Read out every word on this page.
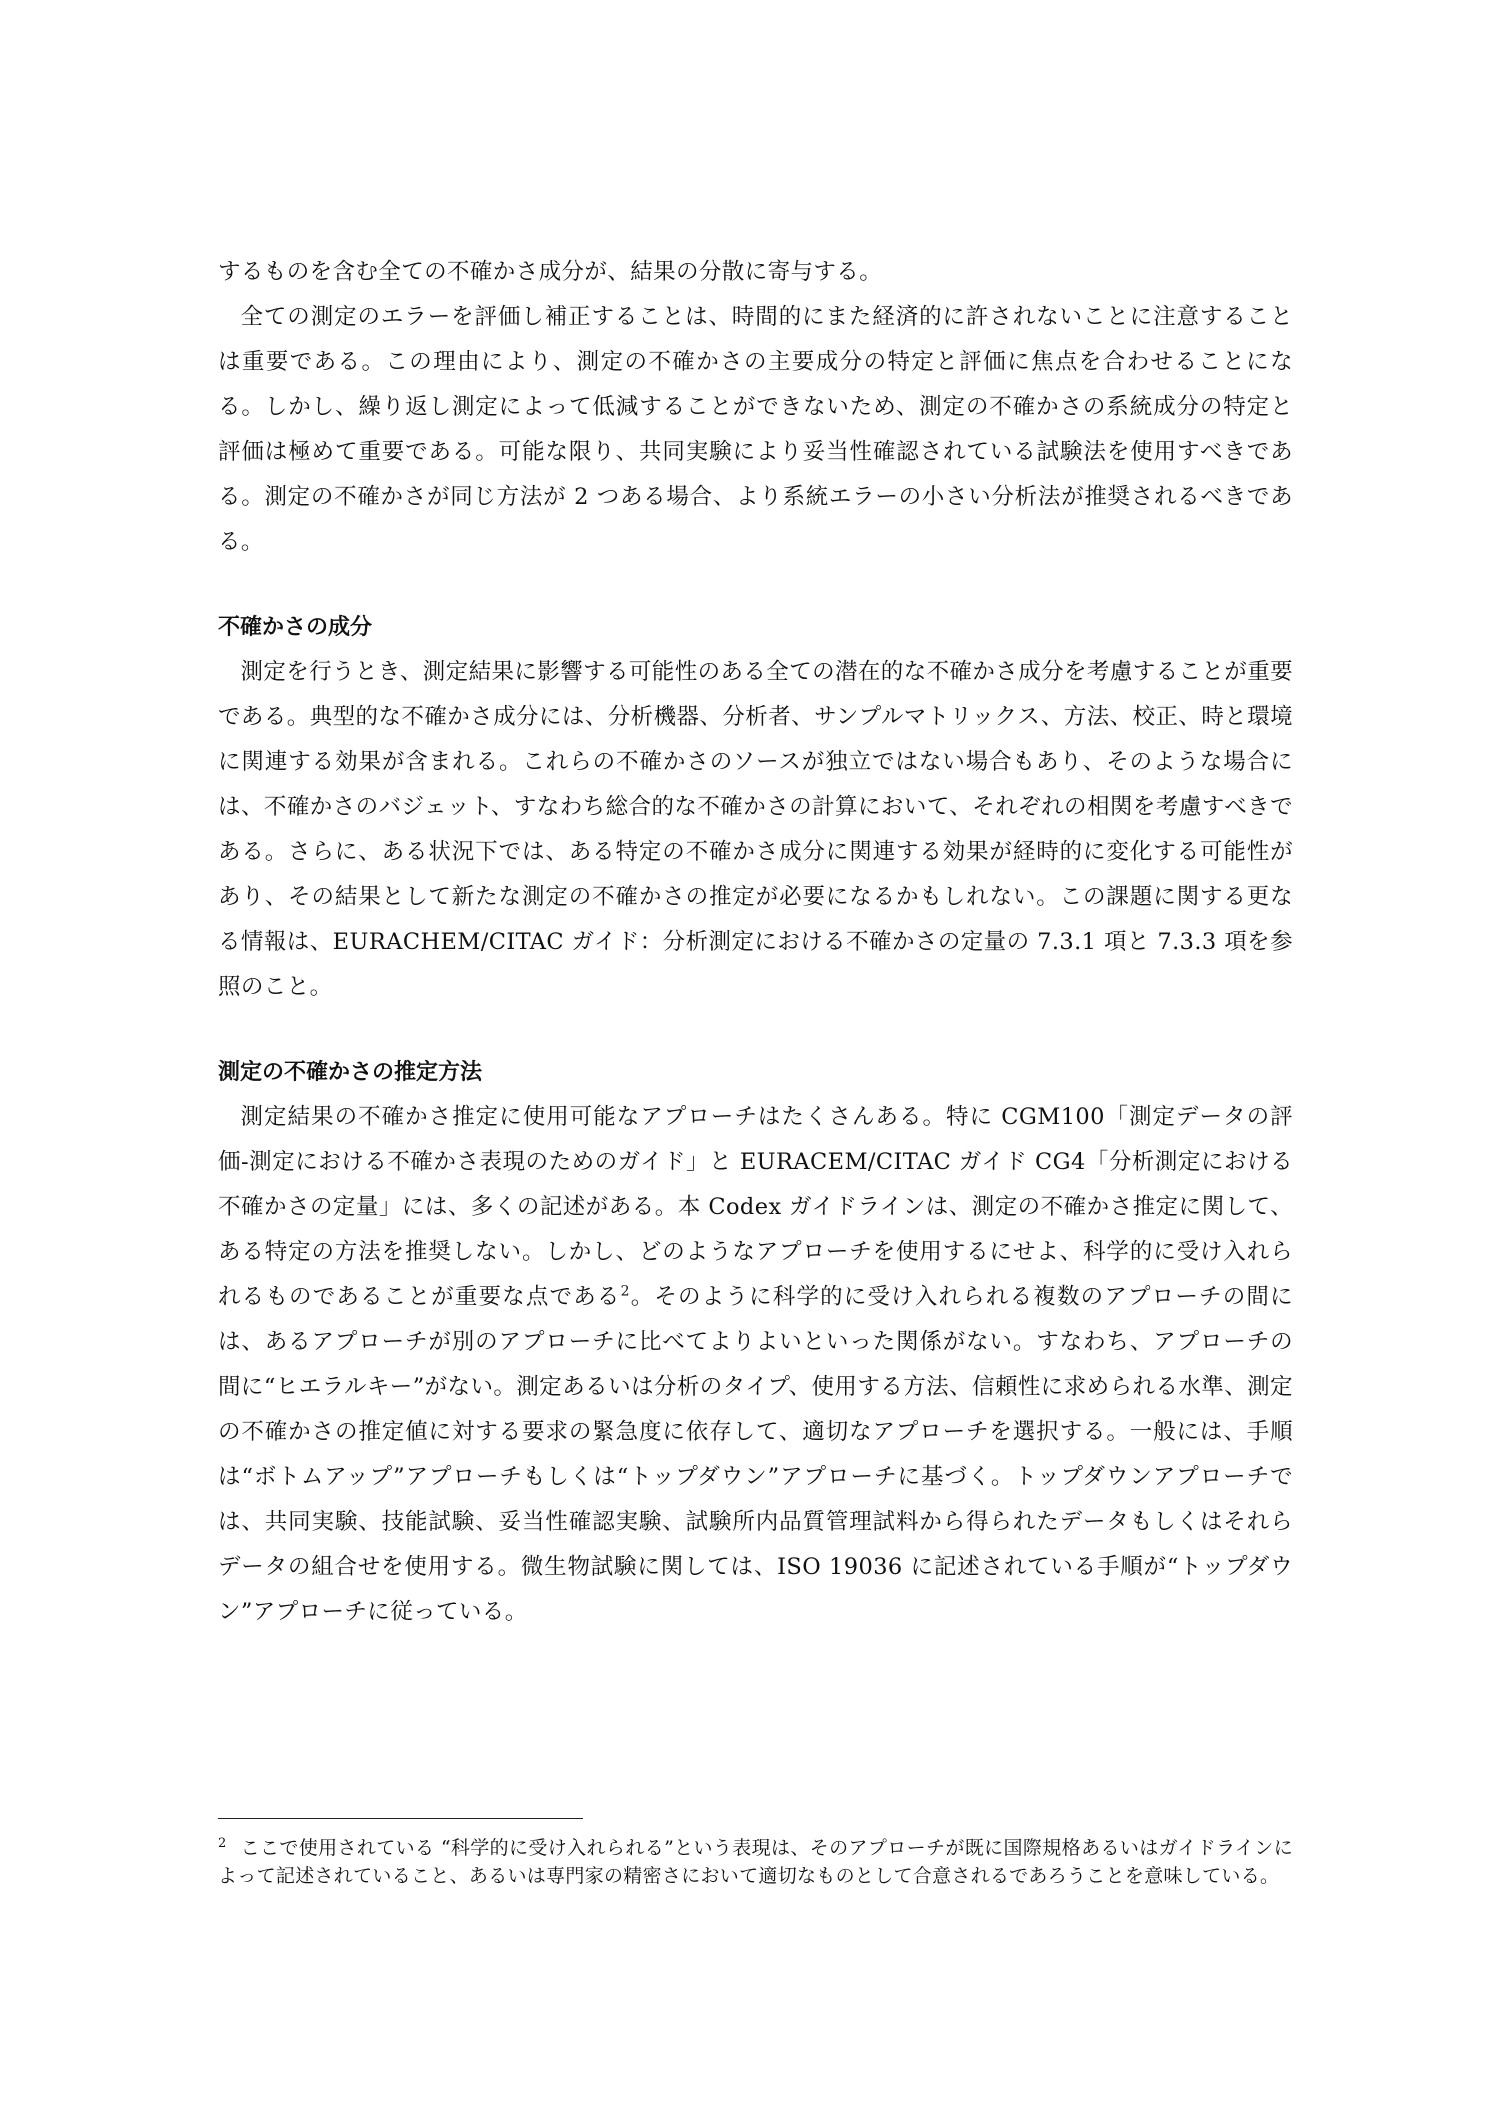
するものを含む全ての不確かさ成分が、結果の分散に寄与する。

全ての測定のエラーを評価し補正することは、時間的にまた経済的に許されないことに注意することは重要である。この理由により、測定の不確かさの主要成分の特定と評価に焦点を合わせることになる。しかし、繰り返し測定によって低減することができないため、測定の不確かさの系統成分の特定と評価は極めて重要である。可能な限り、共同実験により妥当性確認されている試験法を使用すべきである。測定の不確かさが同じ方法が 2 つある場合、より系統エラーの小さい分析法が推奨されるべきである。

不確かさの成分

測定を行うとき、測定結果に影響する可能性のある全ての潜在的な不確かさ成分を考慮することが重要である。典型的な不確かさ成分には、分析機器、分析者、サンプルマトリックス、方法、校正、時と環境に関連する効果が含まれる。これらの不確かさのソースが独立ではない場合もあり、そのような場合には、不確かさのバジェット、すなわち総合的な不確かさの計算において、それぞれの相関を考慮すべきである。さらに、ある状況下では、ある特定の不確かさ成分に関連する効果が経時的に変化する可能性があり、その結果として新たな測定の不確かさの推定が必要になるかもしれない。この課題に関する更なる情報は、EURACHEM/CITAC ガイド：分析測定における不確かさの定量の 7.3.1 項と 7.3.3 項を参照のこと。

測定の不確かさの推定方法

測定結果の不確かさ推定に使用可能なアプローチはたくさんある。特に CGM100「測定データの評価-測定における不確かさ表現のためのガイド」と EURACEM/CITAC ガイド CG4「分析測定における不確かさの定量」には、多くの記述がある。本 Codex ガイドラインは、測定の不確かさ推定に関して、ある特定の方法を推奨しない。しかし、どのようなアプローチを使用するにせよ、科学的に受け入れられるものであることが重要な点である$^2$。そのように科学的に受け入れられる複数のアプローチの間には、あるアプローチが別のアプローチに比べてよりよいといった関係がない。すなわち、アプローチの間に“ヒエラルキー”がない。測定あるいは分析のタイプ、使用する方法、信頼性に求められる水準、測定の不確かさの推定値に対する要求の緊急度に依存して、適切なアプローチを選択する。一般には、手順は“ボトムアップ”アプローチもしくは“トップダウン”アプローチに基づく。トップダウンアプローチでは、共同実験、技能試験、妥当性確認実験、試験所内品質管理試料から得られたデータもしくはそれらデータの組合せを使用する。微生物試験に関しては、ISO 19036 に記述されている手順が“トップダウン”アプローチに従っている。

$^2$ ここで使用されている “科学的に受け入れられる”という表現は、そのアプローチが既に国際規格あるいはガイドラインによって記述されていること、あるいは専門家の精密さにおいて適切なものとして合意されるであろうことを意味している。
